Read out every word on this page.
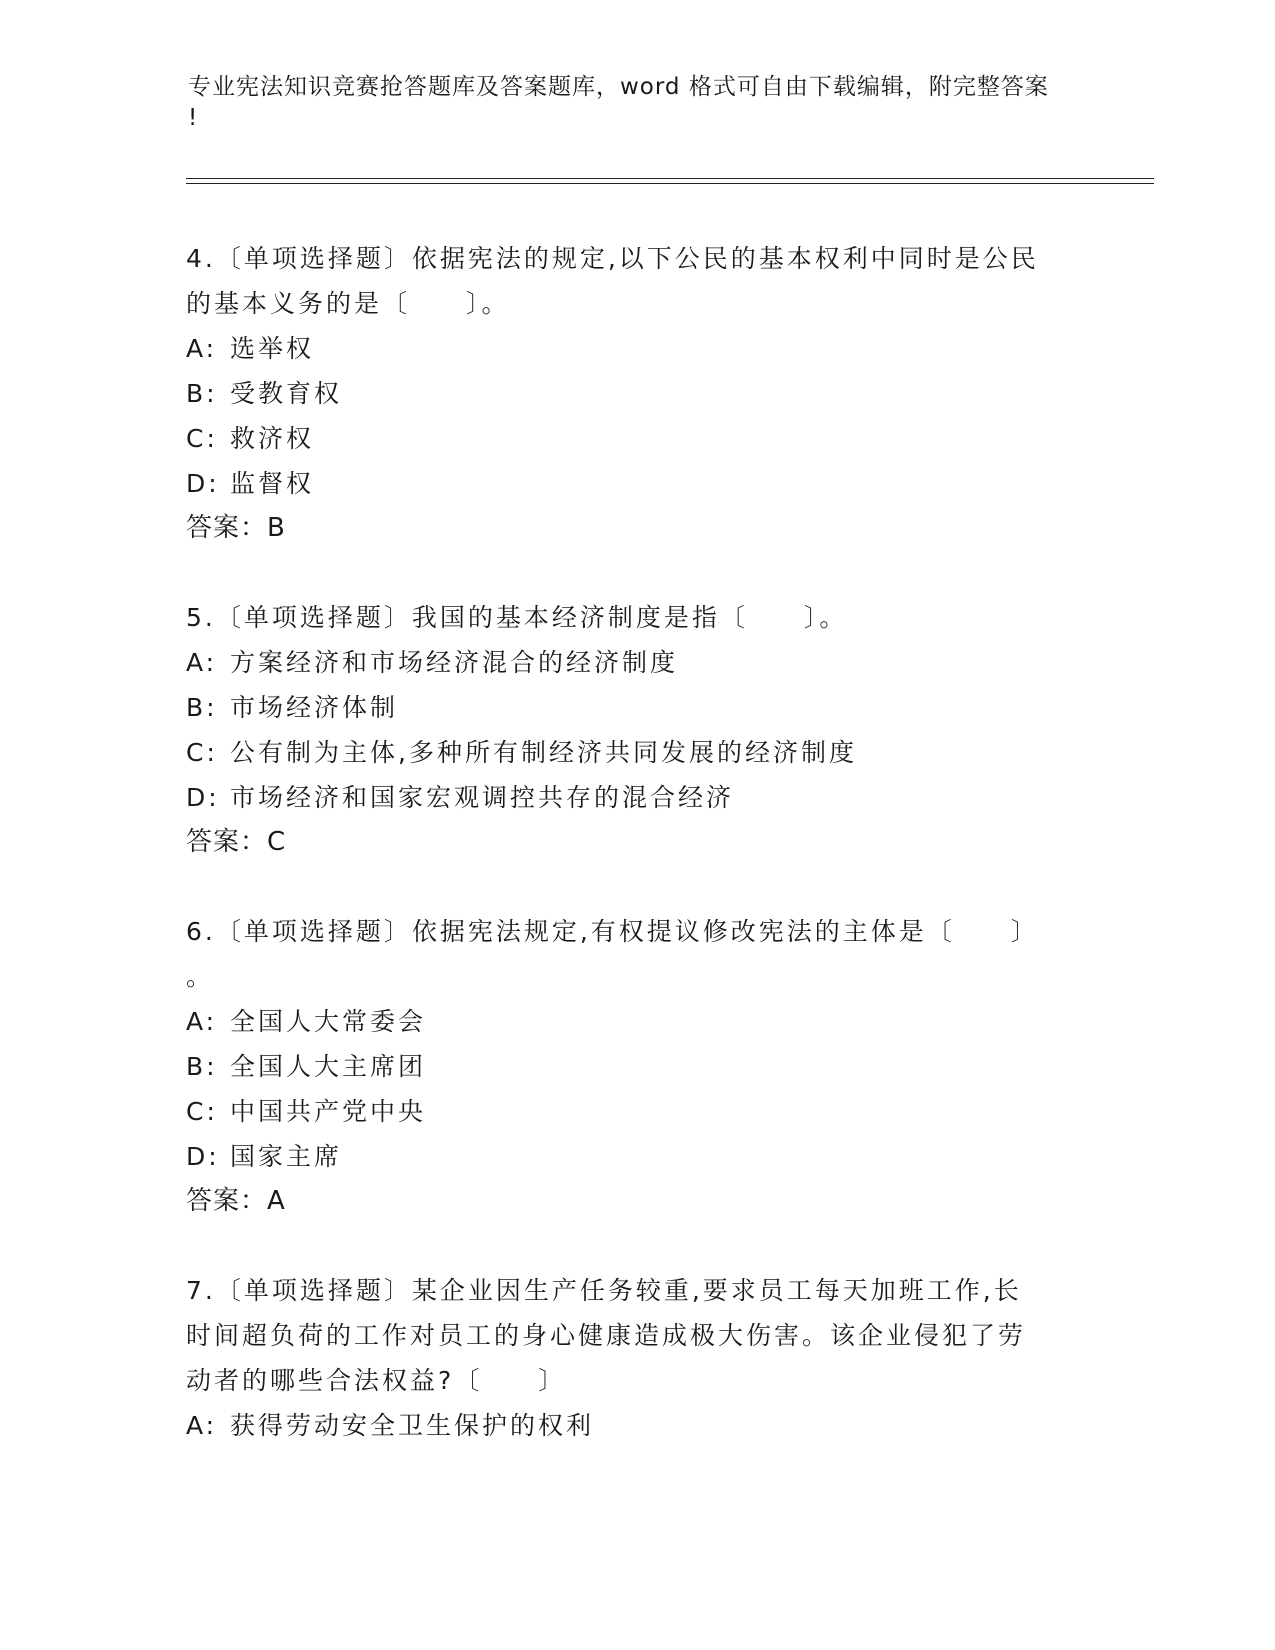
专业宪法知识竞赛抢答题库及答案题库，word 格式可自由下载编辑，附完整答案
!
4.〔单项选择题〕依据宪法的规定,以下公民的基本权利中同时是公民
的基本义务的是〔　　〕。
A: 选举权
B: 受教育权
C: 救济权
D: 监督权
答案：B
5.〔单项选择题〕我国的基本经济制度是指〔　　〕。
A: 方案经济和市场经济混合的经济制度
B: 市场经济体制
C: 公有制为主体,多种所有制经济共同发展的经济制度
D: 市场经济和国家宏观调控共存的混合经济
答案：C
6.〔单项选择题〕依据宪法规定,有权提议修改宪法的主体是〔　　〕
。
A: 全国人大常委会
B: 全国人大主席团
C: 中国共产党中央
D: 国家主席
答案：A
7.〔单项选择题〕某企业因生产任务较重,要求员工每天加班工作,长
时间超负荷的工作对员工的身心健康造成极大伤害。该企业侵犯了劳
动者的哪些合法权益?〔　　〕
A: 获得劳动安全卫生保护的权利
